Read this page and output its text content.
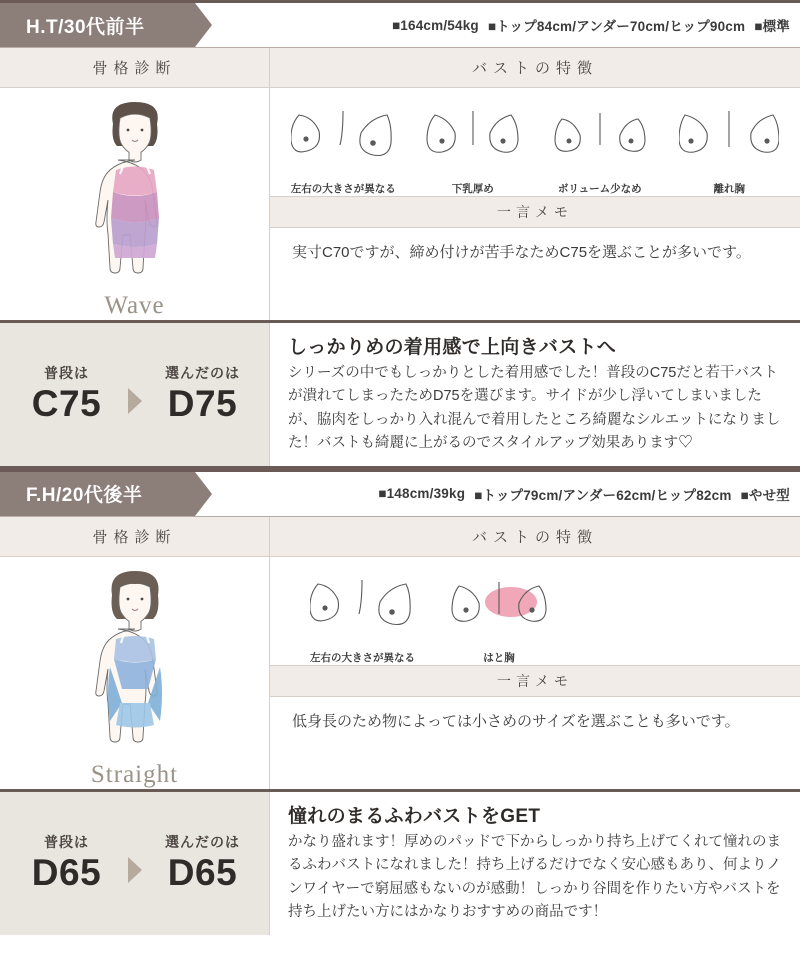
H.T/30代前半	■164cm/54kg ■トップ84cm/アンダー70cm/ヒップ90cm ■標準
骨格診断	バストの特徴
Wave
左右の大きさが異なる	下乳厚め	ボリューム少なめ	離れ胸
一言メモ
実寸C70ですが、締め付けが苦手なためC75を選ぶことが多いです。
普段は
C75
選んだのは
D75
しっかりめの着用感で上向きバストへ
シリーズの中でもしっかりとした着用感でした！普段のC75だと若干バストが潰れてしまったためD75を選びます。サイドが少し浮いてしまいましたが、脇肉をしっかり入れ混んで着用したところ綺麗なシルエットになりました！バストも綺麗に上がるのでスタイルアップ効果あります♡
F.H/20代後半	■148cm/39kg ■トップ79cm/アンダー62cm/ヒップ82cm ■やせ型
骨格診断	バストの特徴
Straight
左右の大きさが異なる	はと胸
一言メモ
低身長のため物によっては小さめのサイズを選ぶことも多いです。
普段は
D65
選んだのは
D65
憧れのまるふわバストをGET
かなり盛れます！厚めのパッドで下からしっかり持ち上げてくれて憧れのまるふわバストになれました！持ち上げるだけでなく安心感もあり、何よりノンワイヤーで窮屈感もないのが感動！しっかり谷間を作りたい方やバストを持ち上げたい方にはかなりおすすめの商品です！
